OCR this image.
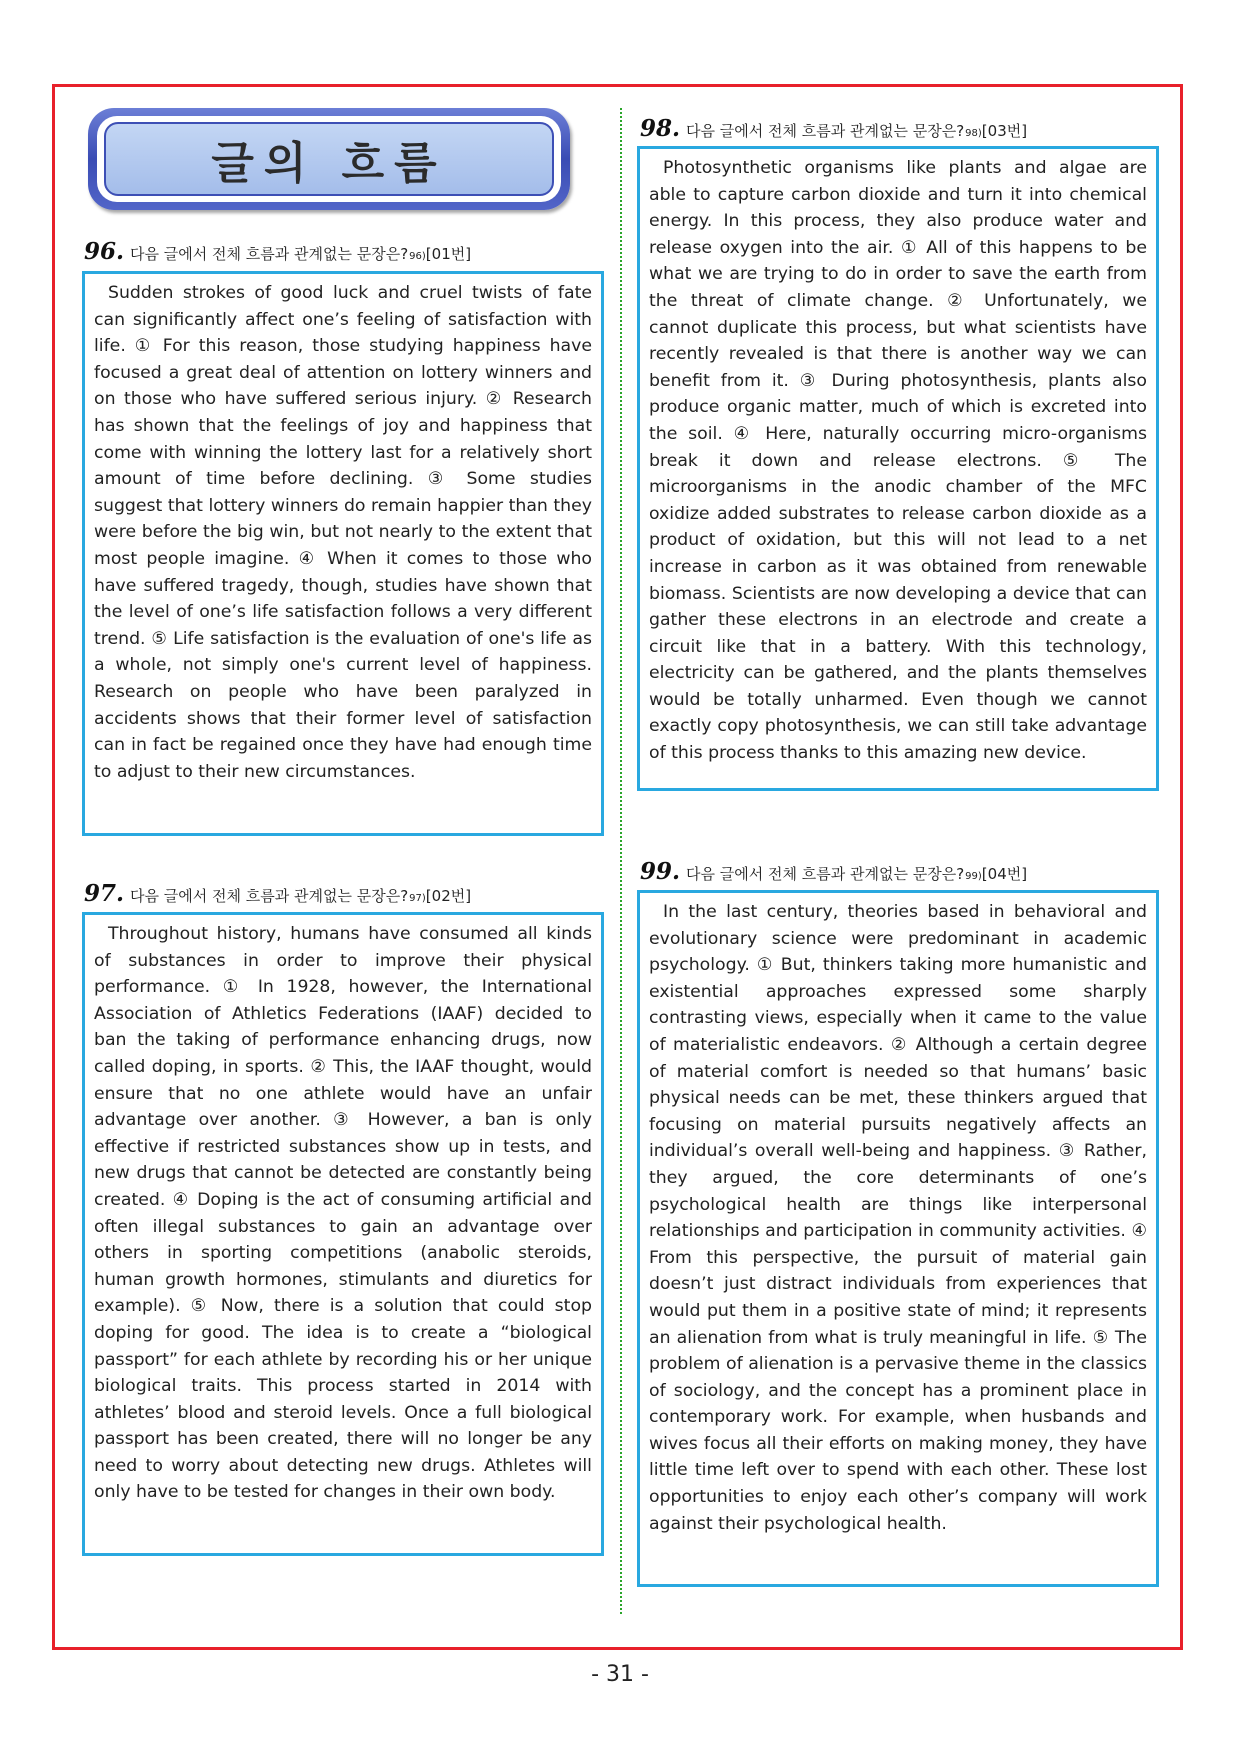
글의 흐름
96. 다음 글에서 전체 흐름과 관계없는 문장은? 96) [01번]

Sudden strokes of good luck and cruel twists of fate can significantly affect one’s feeling of satisfaction with life. ① For this reason, those studying happiness have focused a great deal of attention on lottery winners and on those who have suffered serious injury. ② Research has shown that the feelings of joy and happiness that come with winning the lottery last for a relatively short amount of time before declining. ③ Some studies suggest that lottery winners do remain happier than they were before the big win, but not nearly to the extent that most people imagine. ④ When it comes to those who have suffered tragedy, though, studies have shown that the level of one’s life satisfaction follows a very different trend. ⑤ Life satisfaction is the evaluation of one's life as a whole, not simply one's current level of happiness. Research on people who have been paralyzed in accidents shows that their former level of satisfaction can in fact be regained once they have had enough time to adjust to their new circumstances.

97. 다음 글에서 전체 흐름과 관계없는 문장은? 97) [02번]

Throughout history, humans have consumed all kinds of substances in order to improve their physical performance. ① In 1928, however, the International Association of Athletics Federations (IAAF) decided to ban the taking of performance enhancing drugs, now called doping, in sports. ② This, the IAAF thought, would ensure that no one athlete would have an unfair advantage over another. ③ However, a ban is only effective if restricted substances show up in tests, and new drugs that cannot be detected are constantly being created. ④ Doping is the act of consuming artificial and often illegal substances to gain an advantage over others in sporting competitions (anabolic steroids, human growth hormones, stimulants and diuretics for example). ⑤ Now, there is a solution that could stop doping for good. The idea is to create a “biological passport” for each athlete by recording his or her unique biological traits. This process started in 2014 with athletes’ blood and steroid levels. Once a full biological passport has been created, there will no longer be any need to worry about detecting new drugs. Athletes will only have to be tested for changes in their own body.

98. 다음 글에서 전체 흐름과 관계없는 문장은? 98) [03번]

Photosynthetic organisms like plants and algae are able to capture carbon dioxide and turn it into chemical energy. In this process, they also produce water and release oxygen into the air. ① All of this happens to be what we are trying to do in order to save the earth from the threat of climate change. ② Unfortunately, we cannot duplicate this process, but what scientists have recently revealed is that there is another way we can benefit from it. ③ During photosynthesis, plants also produce organic matter, much of which is excreted into the soil. ④ Here, naturally occurring micro-organisms break it down and release electrons. ⑤ The microorganisms in the anodic chamber of the MFC oxidize added substrates to release carbon dioxide as a product of oxidation, but this will not lead to a net increase in carbon as it was obtained from renewable biomass. Scientists are now developing a device that can gather these electrons in an electrode and create a circuit like that in a battery. With this technology, electricity can be gathered, and the plants themselves would be totally unharmed. Even though we cannot exactly copy photosynthesis, we can still take advantage of this process thanks to this amazing new device.

99. 다음 글에서 전체 흐름과 관계없는 문장은? 99) [04번]

In the last century, theories based in behavioral and evolutionary science were predominant in academic psychology. ① But, thinkers taking more humanistic and existential approaches expressed some sharply contrasting views, especially when it came to the value of materialistic endeavors. ② Although a certain degree of material comfort is needed so that humans’ basic physical needs can be met, these thinkers argued that focusing on material pursuits negatively affects an individual’s overall well-being and happiness. ③ Rather, they argued, the core determinants of one’s psychological health are things like interpersonal relationships and participation in community activities. ④ From this perspective, the pursuit of material gain doesn’t just distract individuals from experiences that would put them in a positive state of mind; it represents an alienation from what is truly meaningful in life. ⑤ The problem of alienation is a pervasive theme in the classics of sociology, and the concept has a prominent place in contemporary work. For example, when husbands and wives focus all their efforts on making money, they have little time left over to spend with each other. These lost opportunities to enjoy each other’s company will work against their psychological health.

- 31 -
